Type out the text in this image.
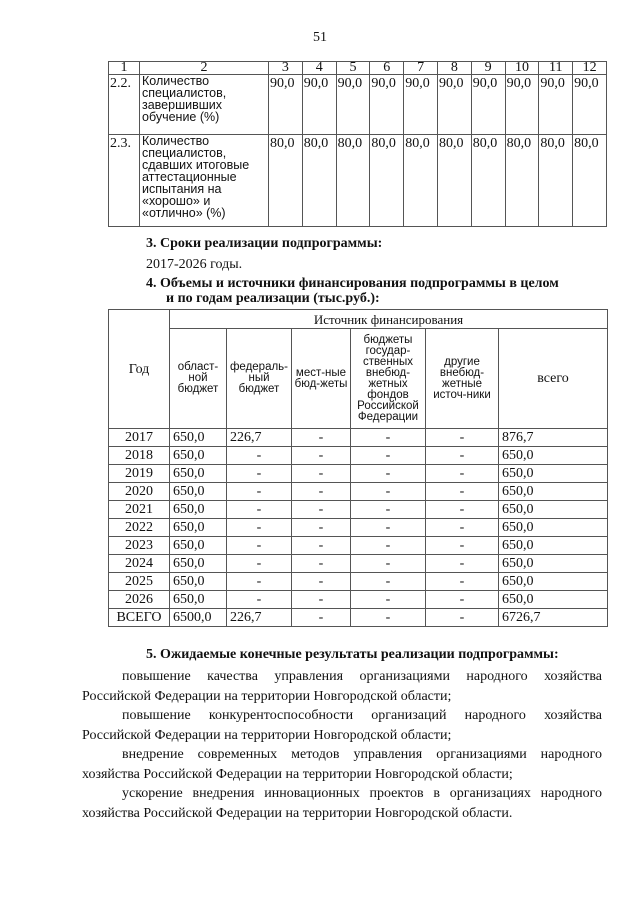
51
1	2	3	4	5	6	7	8	9	10	11	12
2.2.	Количество специалистов, завершивших обучение (%)	90,0	90,0	90,0	90,0	90,0	90,0	90,0	90,0	90,0	90,0
2.3.	Количество специалистов, сдавших итоговые аттестационные испытания на «хорошо» и «отлично» (%)	80,0	80,0	80,0	80,0	80,0	80,0	80,0	80,0	80,0	80,0
3. Сроки реализации подпрограммы:
2017-2026 годы.
4. Объемы и источники финансирования подпрограммы в целом
и по годам реализации (тыс.руб.):
Год	Источник финансирования					
	област-ной бюджет	федераль-ный бюджет	мест-ные бюд-жеты	бюджеты государ-ственных внебюд-жетных фондов Российской Федерации	другие внебюд-жетные источ-ники	всего
2017	650,0	226,7	-	-	-	876,7
2018	650,0	-	-	-	-	650,0
2019	650,0	-	-	-	-	650,0
2020	650,0	-	-	-	-	650,0
2021	650,0	-	-	-	-	650,0
2022	650,0	-	-	-	-	650,0
2023	650,0	-	-	-	-	650,0
2024	650,0	-	-	-	-	650,0
2025	650,0	-	-	-	-	650,0
2026	650,0	-	-	-	-	650,0
ВСЕГО	6500,0	226,7	-	-	-	6726,7
5. Ожидаемые конечные результаты реализации подпрограммы:

повышение качества управления организациями народного хозяйства Российской Федерации на территории Новгородской области;

повышение конкурентоспособности организаций народного хозяйства Российской Федерации на территории Новгородской области;

внедрение современных методов управления организациями народного хозяйства Российской Федерации на территории Новгородской области;

ускорение внедрения инновационных проектов в организациях народного хозяйства Российской Федерации на территории Новгородской области.
